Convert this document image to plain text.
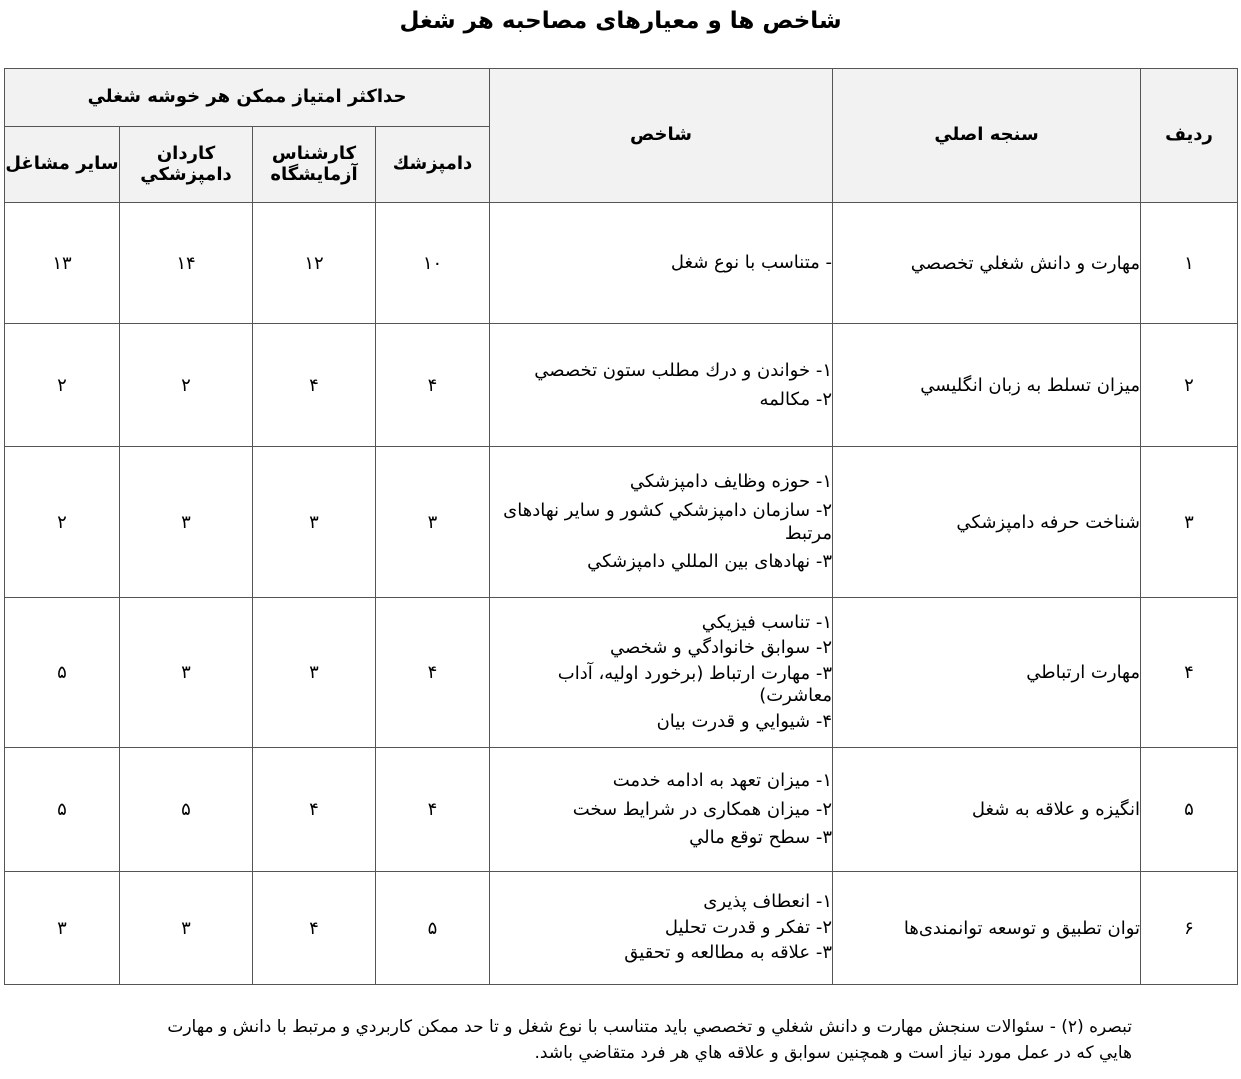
شاخص ها و معیارهای مصاحبه هر شغل
رديف	سنجه اصلي	شاخص	حداکثر امتیاز ممکن هر خوشه شغلي			
			دامپزشك	کارشناس آزمایشگاه	کاردان دامپزشکي	سایر مشاغل
۱	مهارت و دانش شغلي تخصصي	- متناسب با نوع شغل	۱۰	۱۲	۱۴	۱۳
۲	میزان تسلط به زبان انگلیسي	۱- خواندن و درك مطلب ستون تخصصي
۲- مکالمه	۴	۴	۲	۲
۳	شناخت حرفه دامپزشکي	۱- حوزه وظايف دامپزشکي
۲- سازمان دامپزشکي کشور و ساير نهادهای مرتبط
۳- نهادهای بين المللي دامپزشکي	۳	۳	۳	۲
۴	مهارت ارتباطي	۱- تناسب فيزيکي
۲- سوابق خانوادگي و شخصي
۳- مهارت ارتباط (برخورد اوليه، آداب معاشرت)
۴- شيوايي و قدرت بيان	۴	۳	۳	۵
۵	انگيزه و علاقه به شغل	۱- ميزان تعهد به ادامه خدمت
۲- ميزان همکاری در شرايط سخت
۳- سطح توقع مالي	۴	۴	۵	۵
۶	توان تطبيق و توسعه توانمندی‌ها	۱- انعطاف پذيری
۲- تفکر و قدرت تحليل
۳- علاقه به مطالعه و تحقيق	۵	۴	۳	۳
تبصره (۲) - سئوالات سنجش مهارت و دانش شغلي و تخصصي بايد متناسب با نوع شغل و تا حد ممکن کاربردي و مرتبط با دانش و مهارت هايي که در عمل مورد نياز است و همچنين سوابق و علاقه هاي هر فرد متقاضي باشد.
